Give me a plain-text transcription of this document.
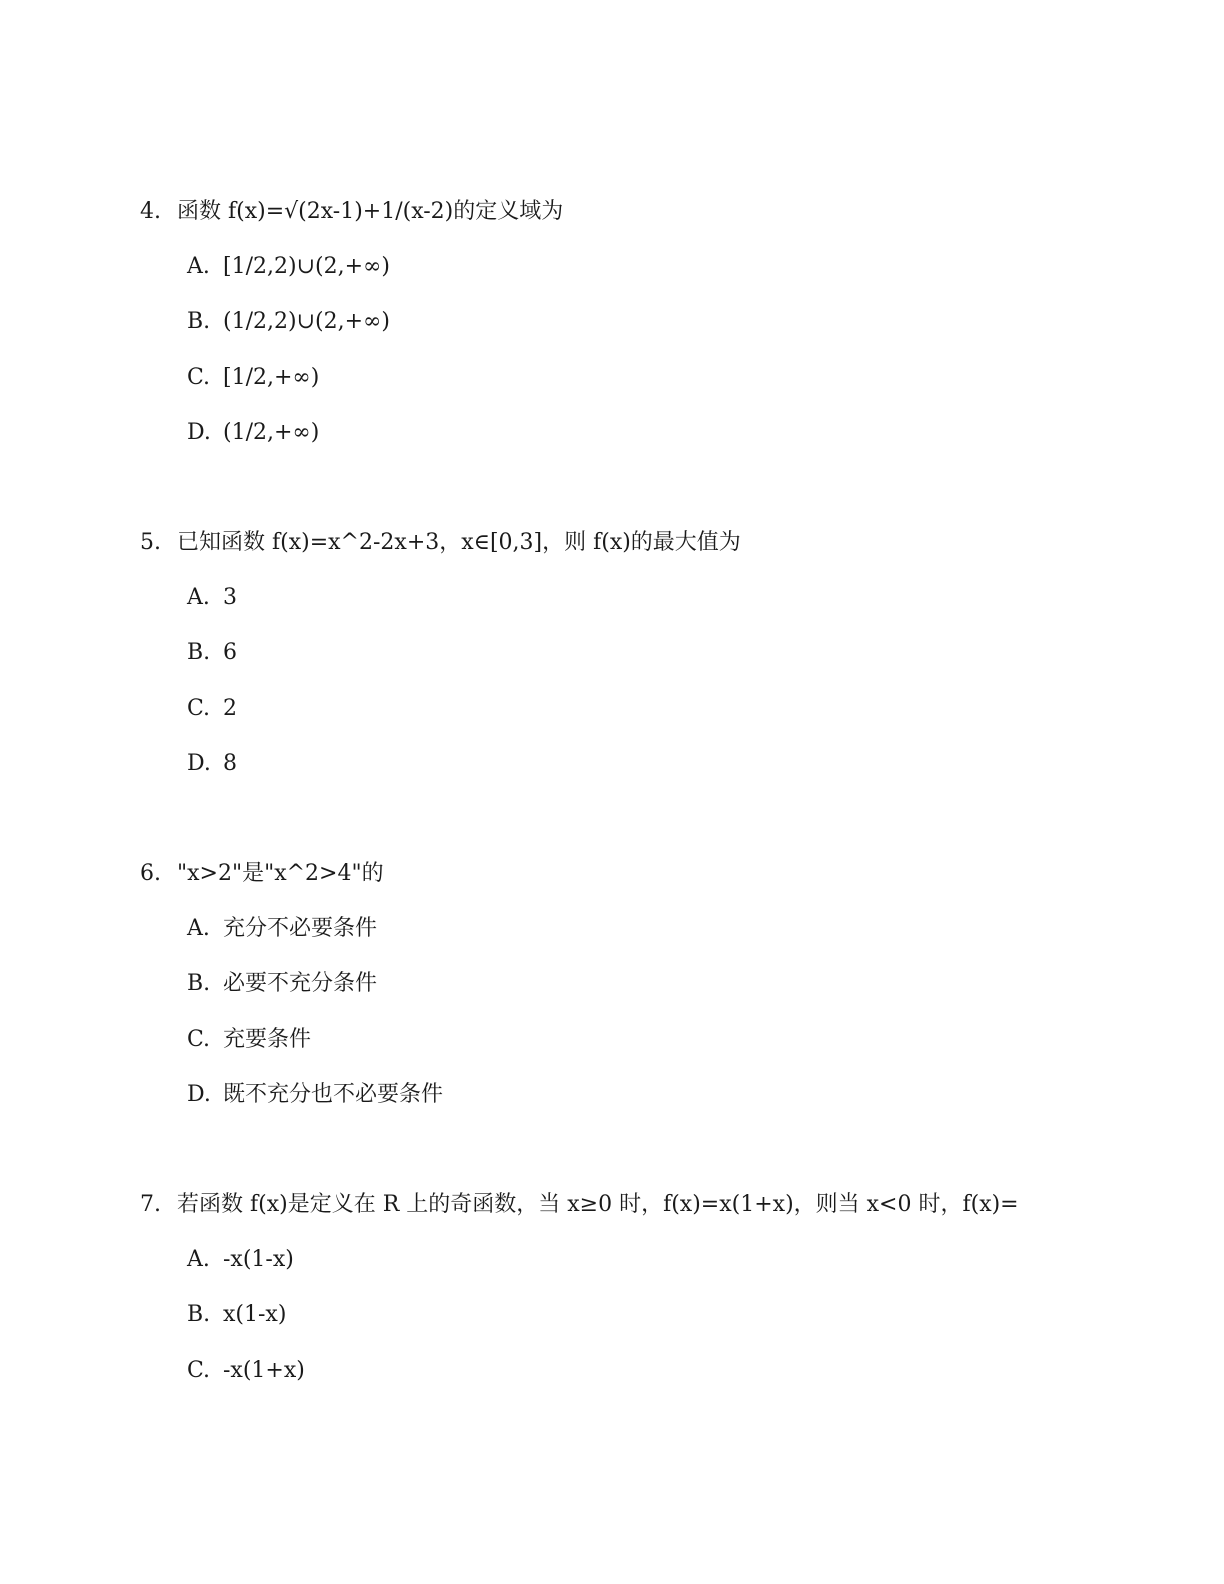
4. 函数 f(x)=√(2x-1)+1/(x-2)的定义域为
A. [1/2,2)∪(2,+∞)
B. (1/2,2)∪(2,+∞)
C. [1/2,+∞)
D. (1/2,+∞)
5. 已知函数 f(x)=x^2-2x+3，x∈[0,3]，则 f(x)的最大值为
A. 3
B. 6
C. 2
D. 8
6. "x>2"是"x^2>4"的
A. 充分不必要条件
B. 必要不充分条件
C. 充要条件
D. 既不充分也不必要条件
7. 若函数 f(x)是定义在 R 上的奇函数，当 x≥0 时，f(x)=x(1+x)，则当 x<0 时，f(x)=
A. -x(1-x)
B. x(1-x)
C. -x(1+x)
